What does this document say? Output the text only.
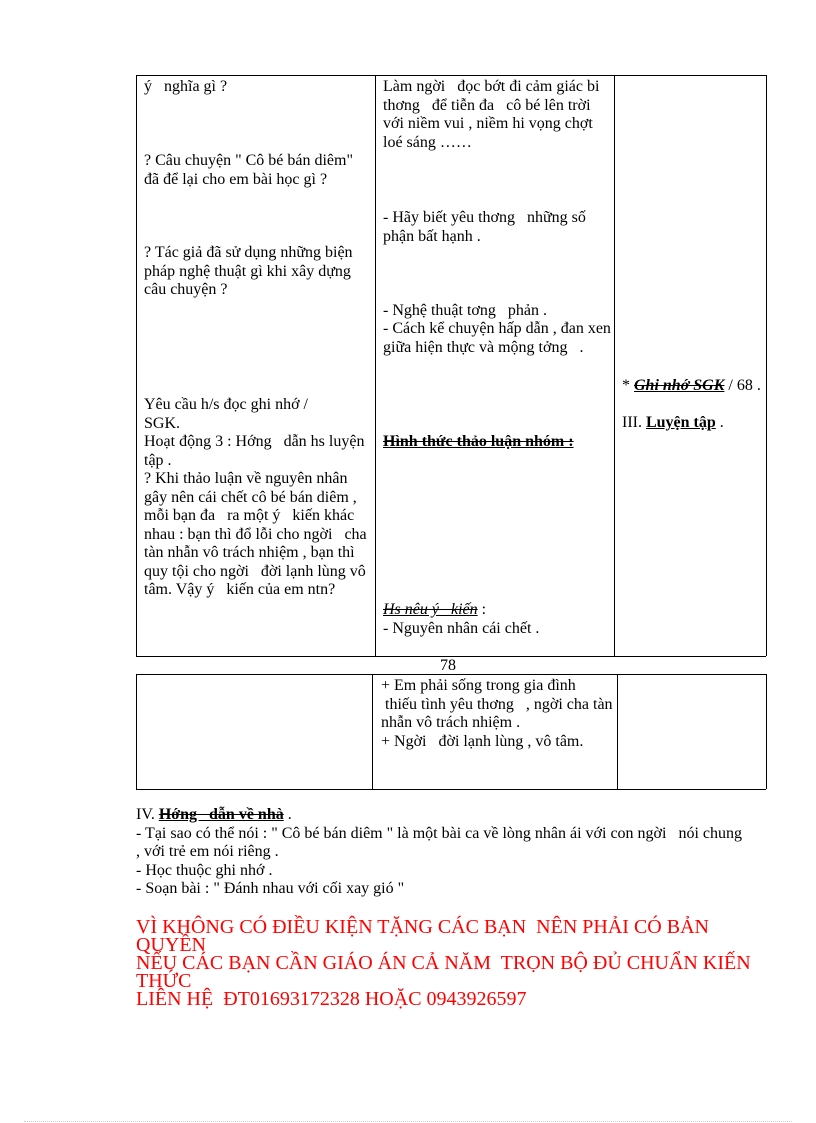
ý   nghĩa gì ?

? Câu chuyện " Cô bé bán diêm" đã để lại cho em bài học gì ?

? Tác giả đã sử dụng những biện pháp nghệ thuật gì khi xây dựng câu chuyện ?

Yêu cầu h/s đọc ghi nhớ / SGK.

Hoạt động 3 : Hớng   dẫn hs luyện tập .

? Khi thảo luận về nguyên nhân gây nên cái chết cô bé bán diêm , mỗi bạn đa   ra một ý   kiến khác nhau : bạn thì đổ lỗi cho ngời   cha tàn nhẫn vô trách nhiệm , bạn thì quy tội cho ngời   đời lạnh lùng vô tâm. Vậy ý   kiến của em ntn?

Làm ngời   đọc bớt đi cảm giác bi thơng   để tiễn đa   cô bé lên trời với niềm vui , niềm hi vọng chợt loé sáng ……

- Hãy biết yêu thơng   những số phận bất hạnh .

- Nghệ thuật tơng   phản .

- Cách kể chuyện hấp dẫn , đan xen giữa hiện thực và mộng tởng   .

Hình thức thảo luận nhóm :

Hs nêu ý   kiến :

- Nguyên nhân cái chết .

* Ghi nhớ SGK / 68 .

III. Luyện tập .

78

+ Em phải sống trong gia đình

thiếu tình yêu thơng   , ngời cha tàn nhẫn vô trách nhiệm .

+ Ngời   đời lạnh lùng , vô tâm.

IV. Hớng   dẫn về nhà .

- Tại sao có thể nói : " Cô bé bán diêm " là một bài ca về lòng nhân ái với con ngời   nói chung , với trẻ em nói riêng .

- Học thuộc ghi nhớ .

- Soạn bài : " Đánh nhau với cối xay gió "

VÌ KHÔNG CÓ ĐIỀU KIỆN TẶNG CÁC BẠN  NÊN PHẢI CÓ BẢN QUYỀN

NẾU CÁC BẠN CẦN GIÁO ÁN CẢ NĂM  TRỌN BỘ ĐỦ CHUẨN KIẾN THỨC

LIÊN HỆ  ĐT01693172328 HOẶC 0943926597
